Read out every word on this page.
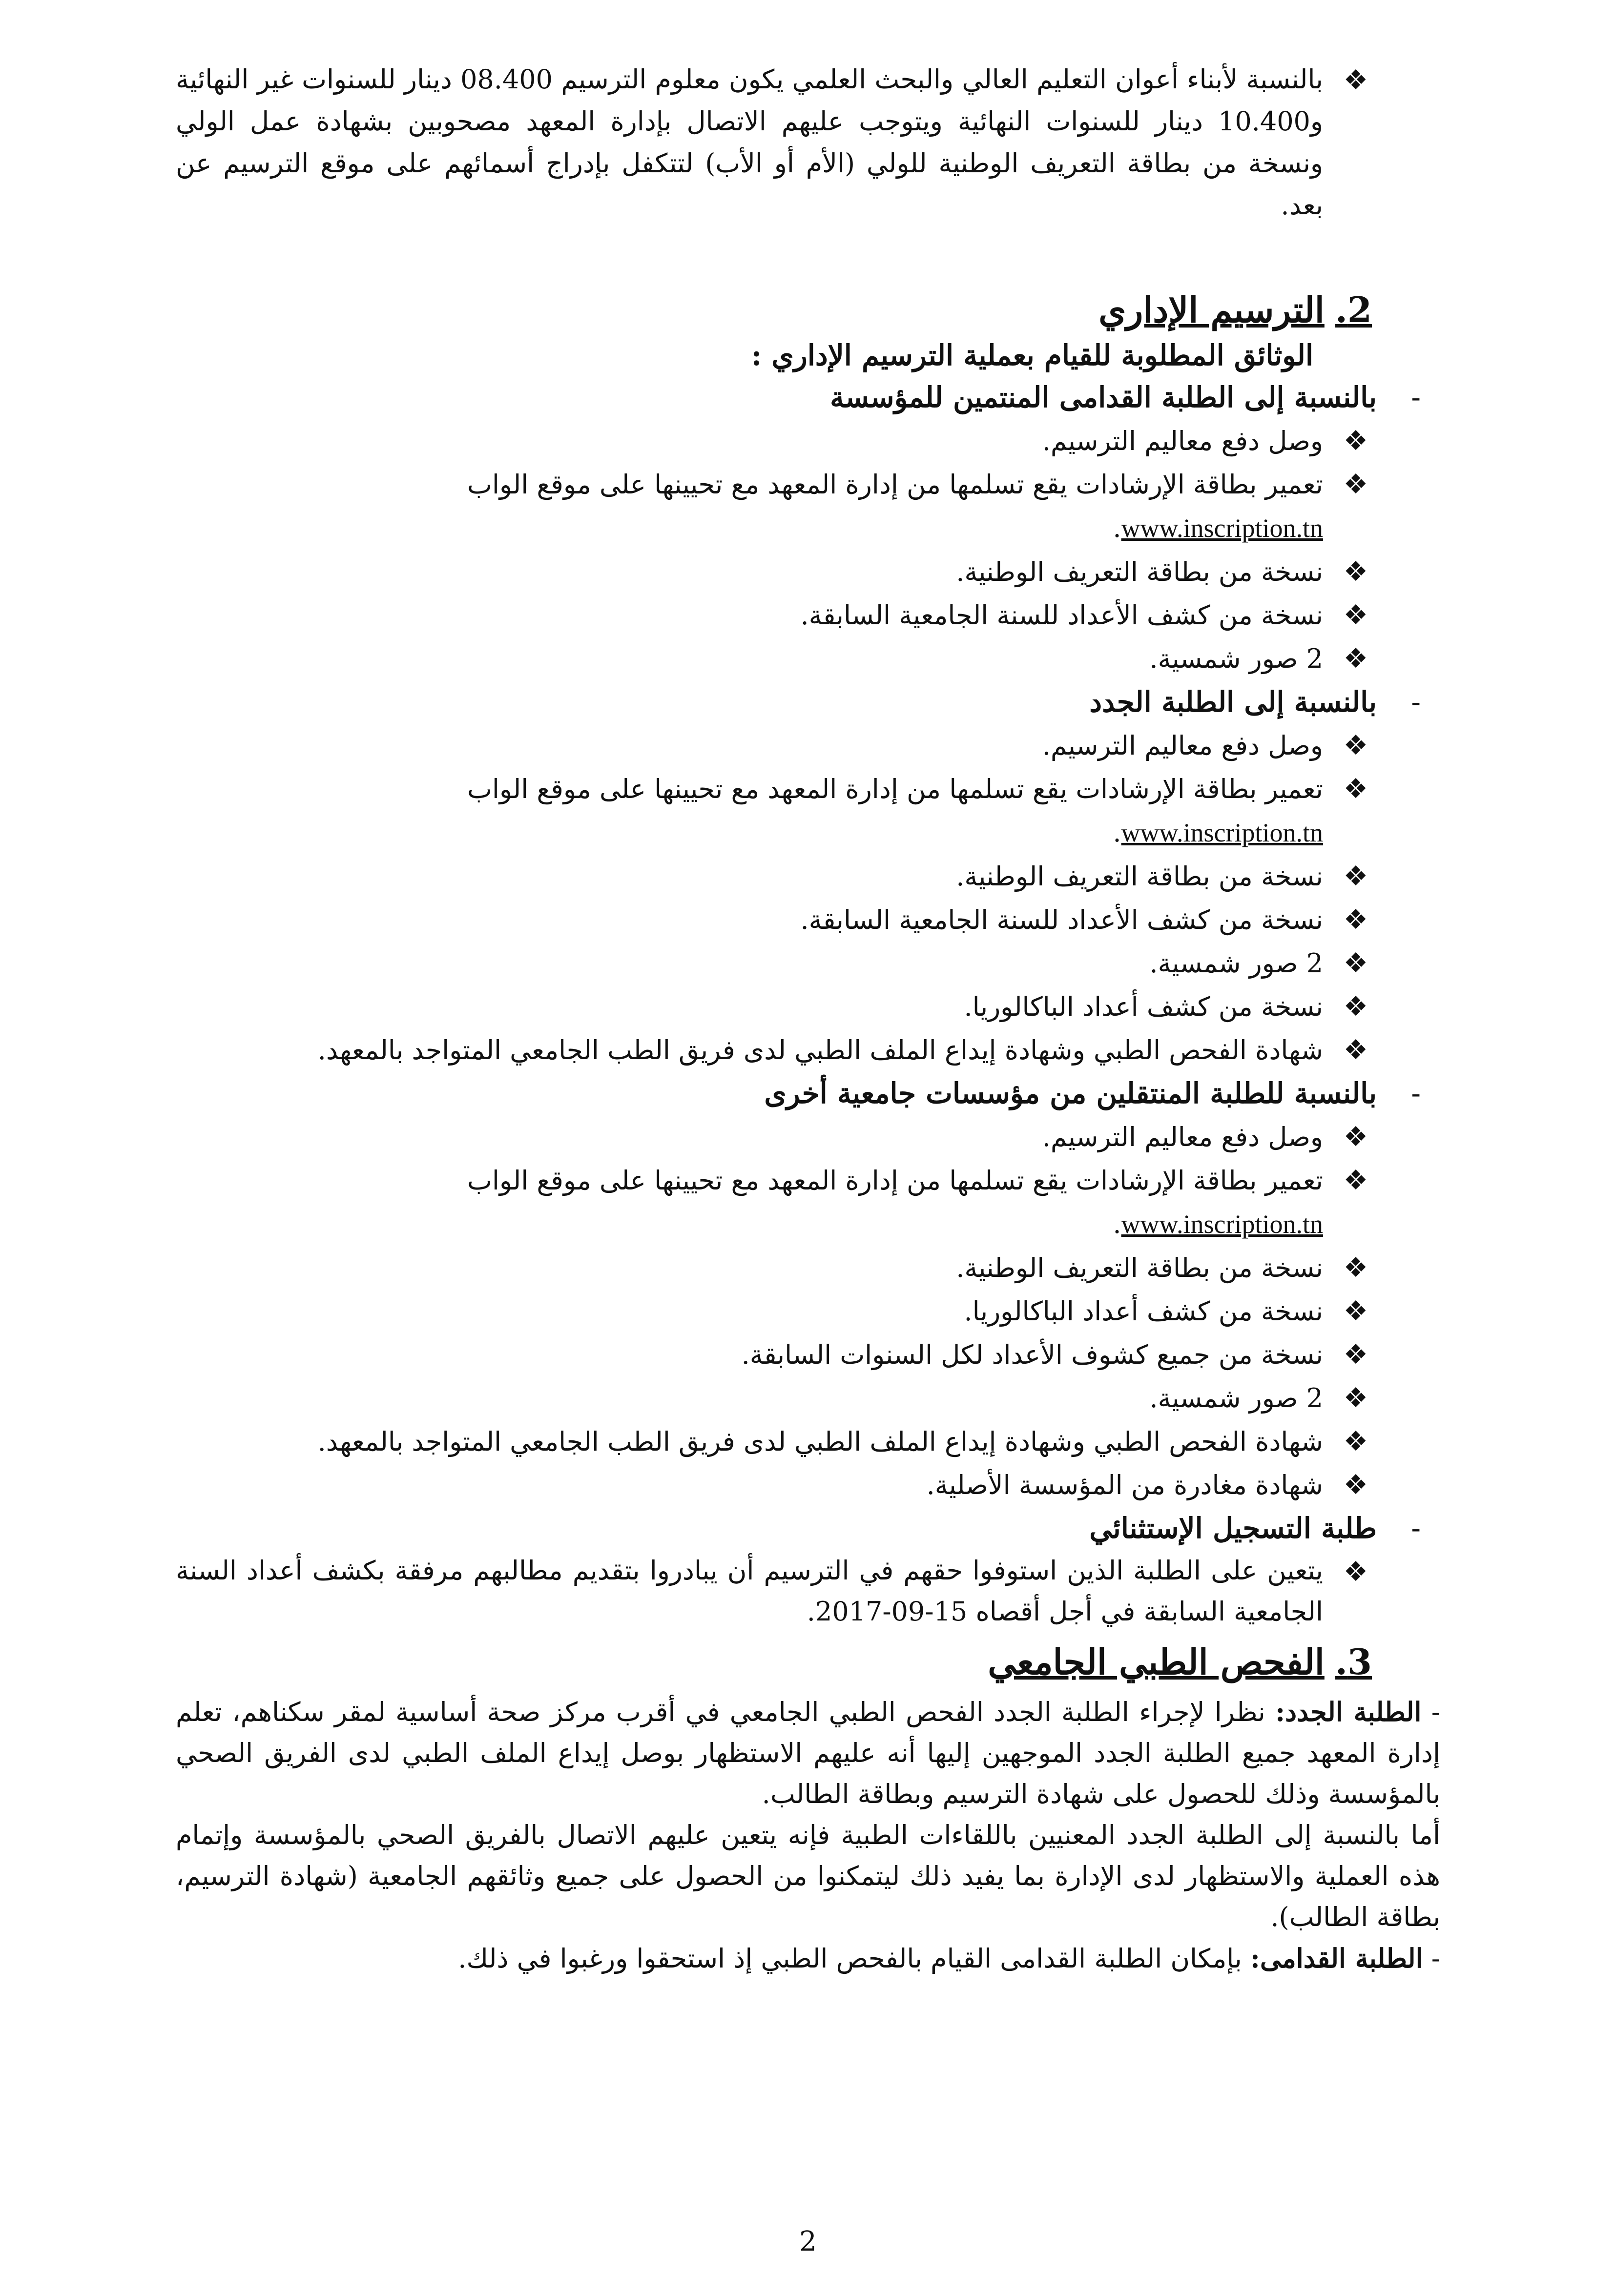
❖
بالنسبة لأبناء أعوان التعليم العالي والبحث العلمي يكون معلوم الترسيم 08.400 دينار للسنوات غير النهائية و10.400 دينار للسنوات النهائية ويتوجب عليهم الاتصال بإدارة المعهد مصحوبين بشهادة عمل الولي ونسخة من بطاقة التعريف الوطنية للولي (الأم أو الأب) لتتكفل بإدراج أسمائهم على موقع الترسيم عن بعد.
2.الترسيم الإداري
الوثائق المطلوبة للقيام بعملية الترسيم الإداري :
-
بالنسبة إلى الطلبة القدامى المنتمين للمؤسسة
❖
وصل دفع معاليم الترسيم.
❖
تعمير بطاقة الإرشادات يقع تسلمها من إدارة المعهد مع تحيينها على موقع الواب
www.inscription.tn.
❖
نسخة من بطاقة التعريف الوطنية.
❖
نسخة من كشف الأعداد للسنة الجامعية السابقة.
❖
2 صور شمسية.
-
بالنسبة إلى الطلبة الجدد
❖
وصل دفع معاليم الترسيم.
❖
تعمير بطاقة الإرشادات يقع تسلمها من إدارة المعهد مع تحيينها على موقع الواب
www.inscription.tn.
❖
نسخة من بطاقة التعريف الوطنية.
❖
نسخة من كشف الأعداد للسنة الجامعية السابقة.
❖
2 صور شمسية.
❖
نسخة من كشف أعداد الباكالوريا.
❖
شهادة الفحص الطبي وشهادة إيداع الملف الطبي لدى فريق الطب الجامعي المتواجد بالمعهد.
-
بالنسبة للطلبة المنتقلين من مؤسسات جامعية أخرى
❖
وصل دفع معاليم الترسيم.
❖
تعمير بطاقة الإرشادات يقع تسلمها من إدارة المعهد مع تحيينها على موقع الواب
www.inscription.tn.
❖
نسخة من بطاقة التعريف الوطنية.
❖
نسخة من كشف أعداد الباكالوريا.
❖
نسخة من جميع كشوف الأعداد لكل السنوات السابقة.
❖
2 صور شمسية.
❖
شهادة الفحص الطبي وشهادة إيداع الملف الطبي لدى فريق الطب الجامعي المتواجد بالمعهد.
❖
شهادة مغادرة من المؤسسة الأصلية.
-
طلبة التسجيل الإستثنائي
❖
يتعين على الطلبة الذين استوفوا حقهم في الترسيم أن يبادروا بتقديم مطالبهم مرفقة بكشف أعداد السنة الجامعية السابقة في أجل أقصاه 15-09-2017.
3.الفحص الطبي الجامعي

- الطلبة الجدد: نظرا لإجراء الطلبة الجدد الفحص الطبي الجامعي في أقرب مركز صحة أساسية لمقر سكناهم، تعلم إدارة المعهد جميع الطلبة الجدد الموجهين إليها أنه عليهم الاستظهار بوصل إيداع الملف الطبي لدى الفريق الصحي بالمؤسسة وذلك للحصول على شهادة الترسيم وبطاقة الطالب.

أما بالنسبة إلى الطلبة الجدد المعنيين باللقاءات الطبية فإنه يتعين عليهم الاتصال بالفريق الصحي بالمؤسسة وإتمام هذه العملية والاستظهار لدى الإدارة بما يفيد ذلك ليتمكنوا من الحصول على جميع وثائقهم الجامعية (شهادة الترسيم، بطاقة الطالب).

- الطلبة القدامى: بإمكان الطلبة القدامى القيام بالفحص الطبي إذ استحقوا ورغبوا في ذلك.

2
